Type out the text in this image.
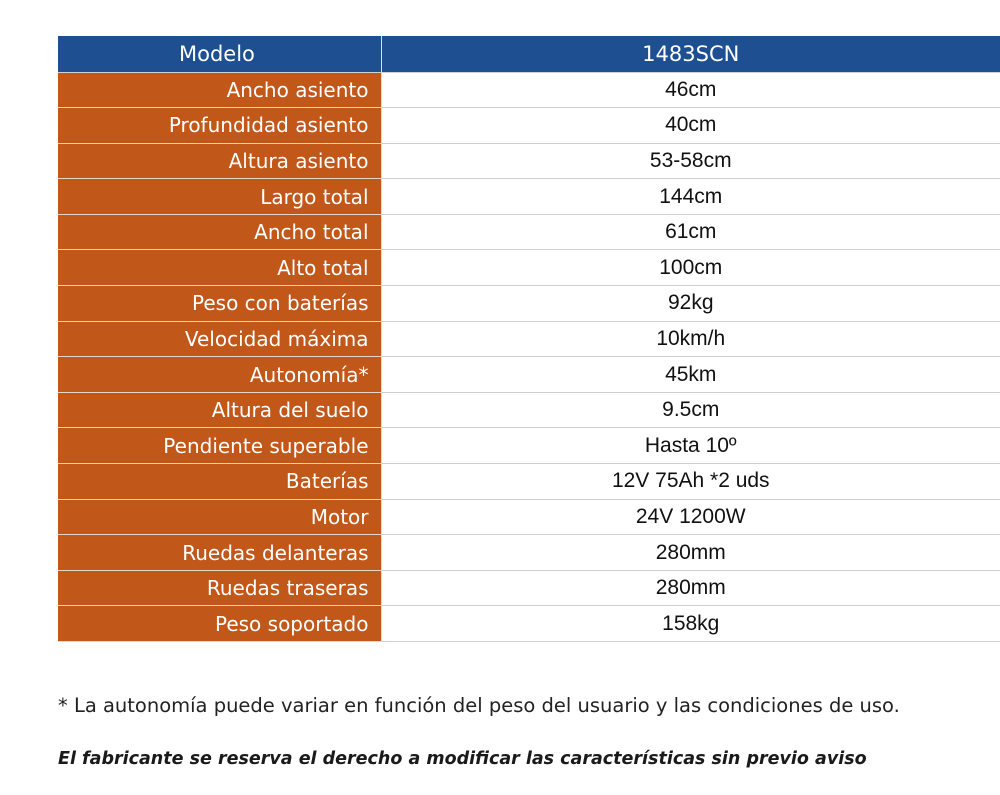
Modelo	1483SCN
Ancho asiento	46cm
Profundidad asiento	40cm
Altura asiento	53-58cm
Largo total	144cm
Ancho total	61cm
Alto total	100cm
Peso con baterías	92kg
Velocidad máxima	10km/h
Autonomía*	45km
Altura del suelo	9.5cm
Pendiente superable	Hasta 10º
Baterías	12V 75Ah *2 uds
Motor	24V 1200W
Ruedas delanteras	280mm
Ruedas traseras	280mm
Peso soportado	158kg

* La autonomía puede variar en función del peso del usuario y las condiciones de uso.

El fabricante se reserva el derecho a modificar las características sin previo aviso
